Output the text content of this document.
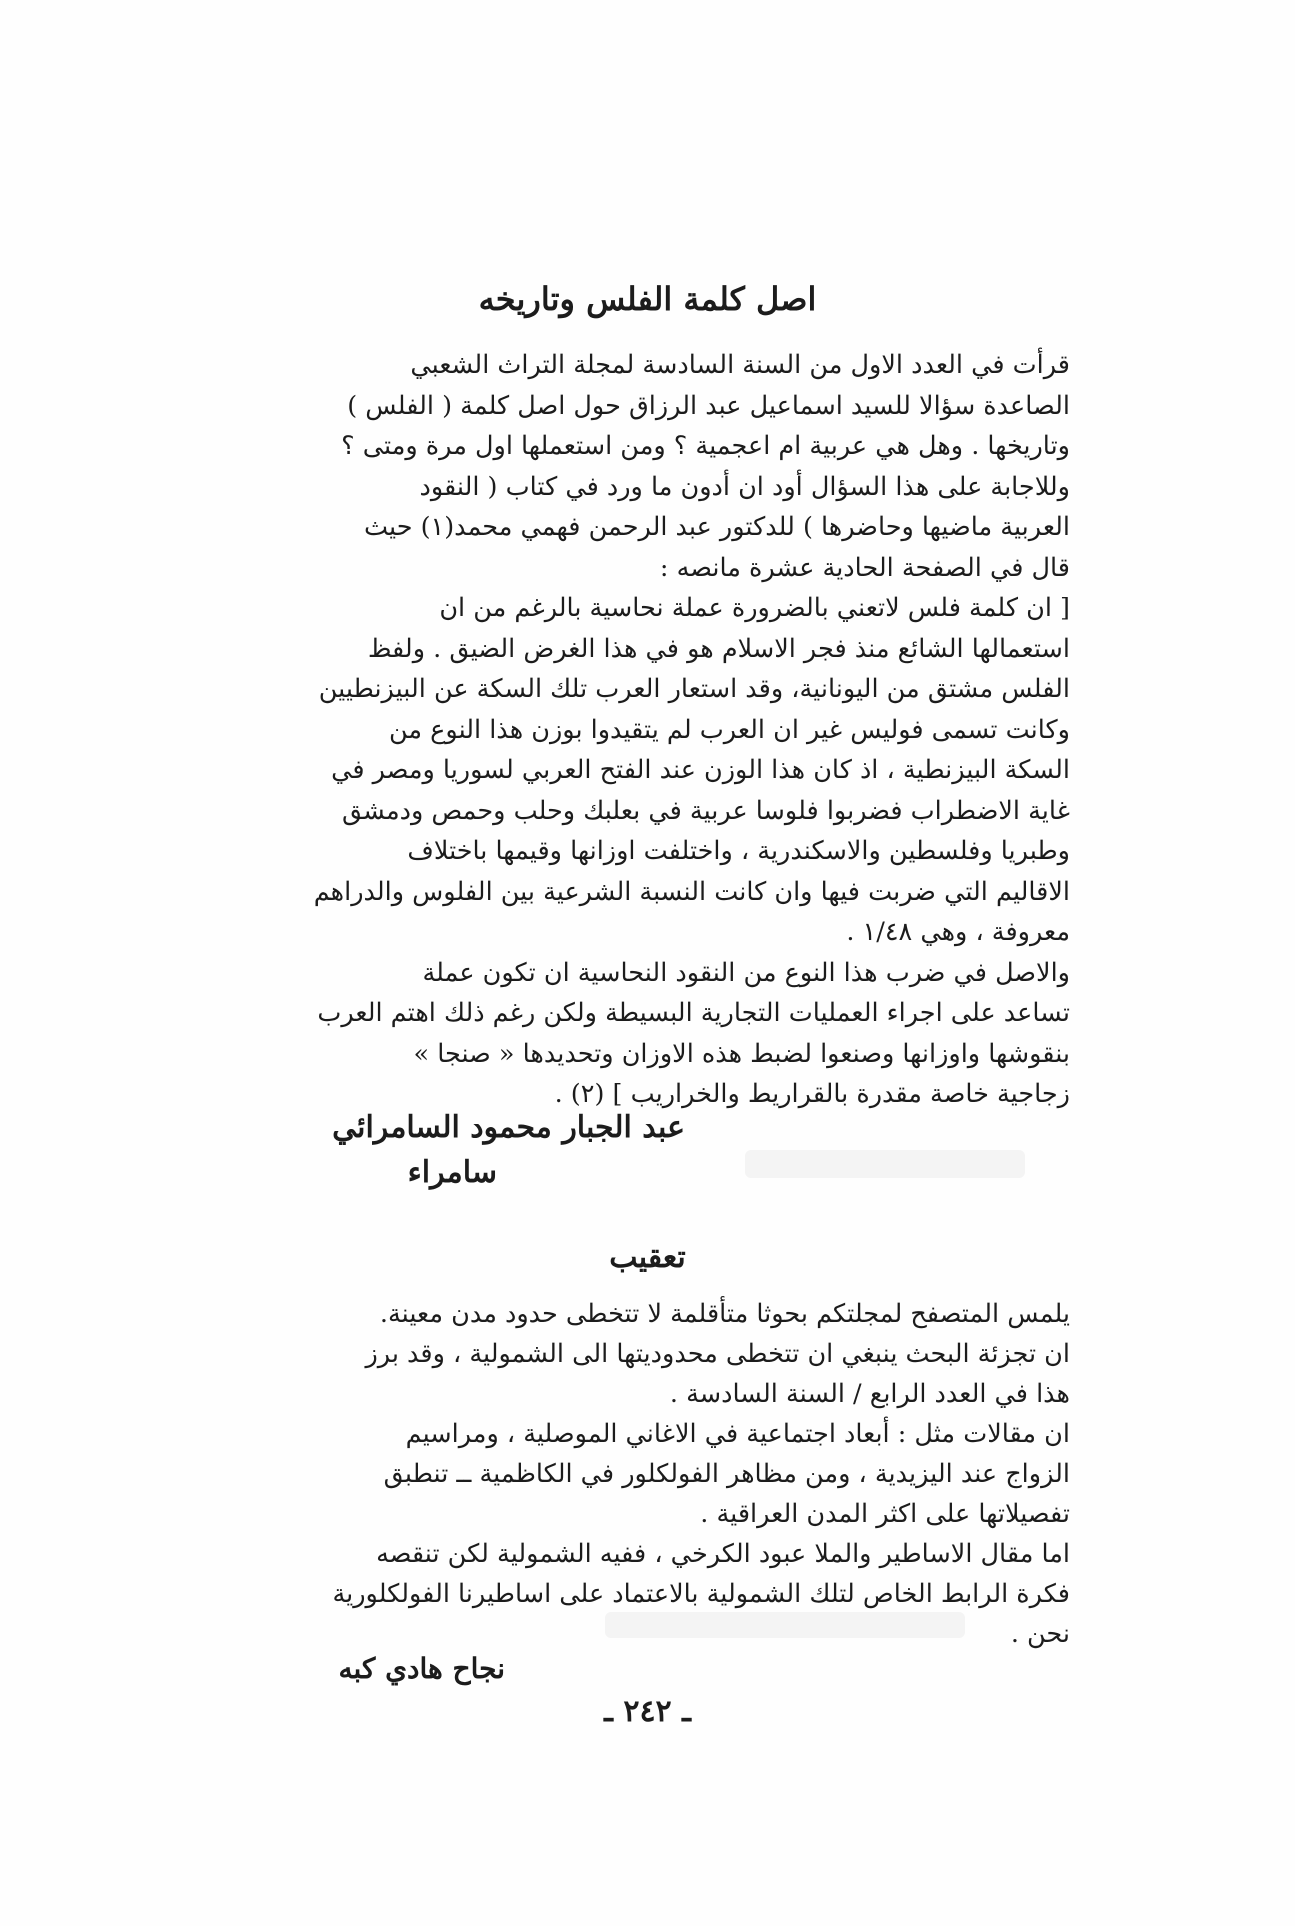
اصل كلمة الفلس وتاريخه
قرأت في العدد الاول من السنة السادسة لمجلة التراث الشعبي
الصاعدة سؤالا للسيد اسماعيل عبد الرزاق حول اصل كلمة ( الفلس )
وتاريخها . وهل هي عربية ام اعجمية ؟ ومن استعملها اول مرة ومتى ؟
وللاجابة على هذا السؤال أود ان أدون ما ورد في كتاب ( النقود
العربية ماضيها وحاضرها ) للدكتور عبد الرحمن فهمي محمد(١) حيث
قال في الصفحة الحادية عشرة مانصه :
[ ان كلمة فلس لاتعني بالضرورة عملة نحاسية بالرغم من ان
استعمالها الشائع منذ فجر الاسلام هو في هذا الغرض الضيق . ولفظ
الفلس مشتق من اليونانية، وقد استعار العرب تلك السكة عن البيزنطيين
وكانت تسمى فوليس غير ان العرب لم يتقيدوا بوزن هذا النوع من
السكة البيزنطية ، اذ كان هذا الوزن عند الفتح العربي لسوريا ومصر في
غاية الاضطراب فضربوا فلوسا عربية في بعلبك وحلب وحمص ودمشق
وطبريا وفلسطين والاسكندرية ، واختلفت اوزانها وقيمها باختلاف
الاقاليم التي ضربت فيها وان كانت النسبة الشرعية بين الفلوس والدراهم
معروفة ، وهي ١/٤٨ .
والاصل في ضرب هذا النوع من النقود النحاسية ان تكون عملة
تساعد على اجراء العمليات التجارية البسيطة ولكن رغم ذلك اهتم العرب
بنقوشها واوزانها وصنعوا لضبط هذه الاوزان وتحديدها « صنجا »
زجاجية خاصة مقدرة بالقراريط والخراريب ] (٢) .
عبد الجبار محمود السامرائي
سامراء
تعقيب
يلمس المتصفح لمجلتكم بحوثا متأقلمة لا تتخطى حدود مدن معينة.
ان تجزئة البحث ينبغي ان تتخطى محدوديتها الى الشمولية ، وقد برز
هذا في العدد الرابع / السنة السادسة .
ان مقالات مثل : أبعاد اجتماعية في الاغاني الموصلية ، ومراسيم
الزواج عند اليزيدية ، ومن مظاهر الفولكلور في الكاظمية ــ تنطبق
تفصيلاتها على اكثر المدن العراقية .
اما مقال الاساطير والملا عبود الكرخي ، ففيه الشمولية لكن تنقصه
فكرة الرابط الخاص لتلك الشمولية بالاعتماد على اساطيرنا الفولكلورية
نحن .
نجاح هادي كبه
ـ ٢٤٢ ـ
